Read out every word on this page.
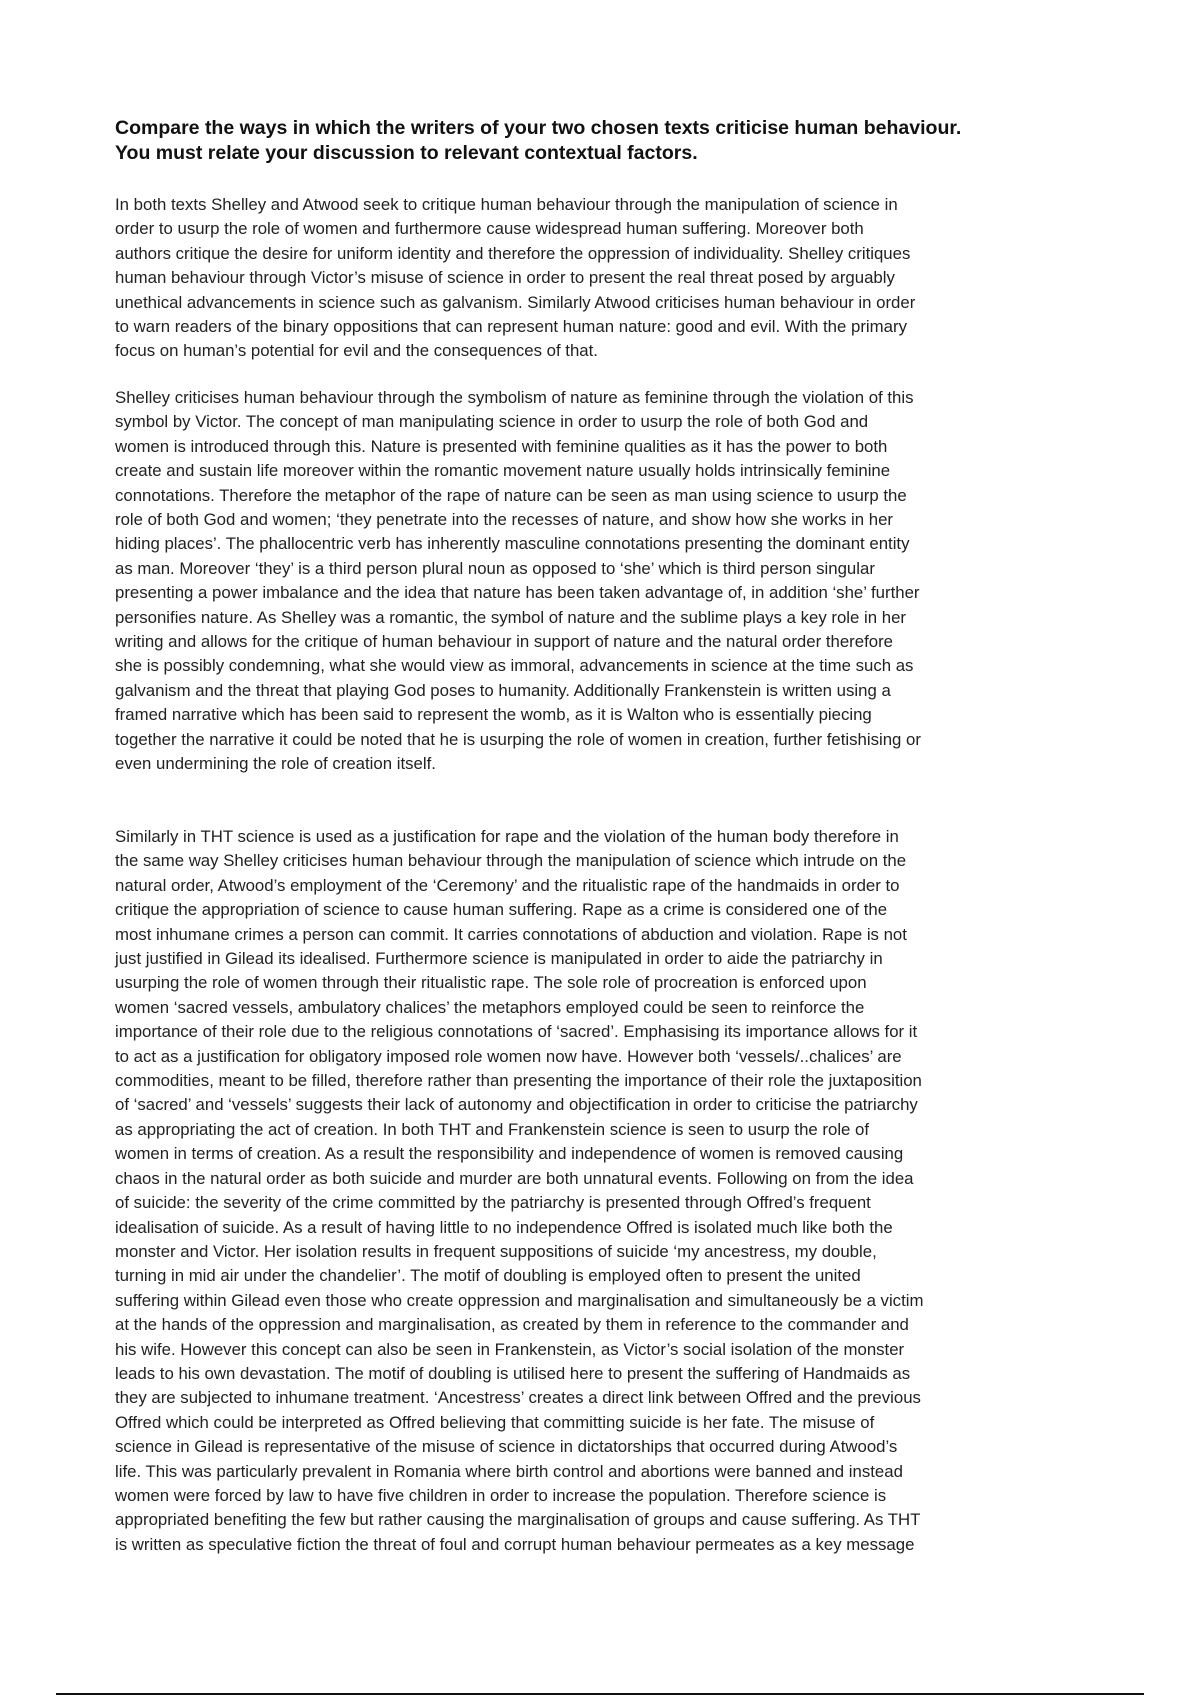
Compare the ways in which the writers of your two chosen texts criticise human behaviour.
You must relate your discussion to relevant contextual factors.
In both texts Shelley and Atwood seek to critique human behaviour through the manipulation of science in
order to usurp the role of women and furthermore cause widespread human suffering. Moreover both
authors critique the desire for uniform identity and therefore the oppression of individuality. Shelley critiques
human behaviour through Victor’s misuse of science in order to present the real threat posed by arguably
unethical advancements in science such as galvanism. Similarly Atwood criticises human behaviour in order
to warn readers of the binary oppositions that can represent human nature: good and evil. With the primary
focus on human’s potential for evil and the consequences of that.
Shelley criticises human behaviour through the symbolism of nature as feminine through the violation of this
symbol by Victor. The concept of man manipulating science in order to usurp the role of both God and
women is introduced through this. Nature is presented with feminine qualities as it has the power to both
create and sustain life moreover within the romantic movement nature usually holds intrinsically feminine
connotations. Therefore the metaphor of the rape of nature can be seen as man using science to usurp the
role of both God and women; ‘they penetrate into the recesses of nature, and show how she works in her
hiding places’. The phallocentric verb has inherently masculine connotations presenting the dominant entity
as man. Moreover ‘they’ is a third person plural noun as opposed to ‘she’ which is third person singular
presenting a power imbalance and the idea that nature has been taken advantage of, in addition ‘she’ further
personifies nature. As Shelley was a romantic, the symbol of nature and the sublime plays a key role in her
writing and allows for the critique of human behaviour in support of nature and the natural order therefore
she is possibly condemning, what she would view as immoral, advancements in science at the time such as
galvanism and the threat that playing God poses to humanity. Additionally Frankenstein is written using a
framed narrative which has been said to represent the womb, as it is Walton who is essentially piecing
together the narrative it could be noted that he is usurping the role of women in creation, further fetishising or
even undermining the role of creation itself.
Similarly in THT science is used as a justification for rape and the violation of the human body therefore in
the same way Shelley criticises human behaviour through the manipulation of science which intrude on the
natural order, Atwood’s employment of the ‘Ceremony’ and the ritualistic rape of the handmaids in order to
critique the appropriation of science to cause human suffering. Rape as a crime is considered one of the
most inhumane crimes a person can commit. It carries connotations of abduction and violation. Rape is not
just justified in Gilead its idealised. Furthermore science is manipulated in order to aide the patriarchy in
usurping the role of women through their ritualistic rape. The sole role of procreation is enforced upon
women ‘sacred vessels, ambulatory chalices’ the metaphors employed could be seen to reinforce the
importance of their role due to the religious connotations of ‘sacred’. Emphasising its importance allows for it
to act as a justification for obligatory imposed role women now have. However both ‘vessels/..chalices’ are
commodities, meant to be filled, therefore rather than presenting the importance of their role the juxtaposition
of ‘sacred’ and ‘vessels’ suggests their lack of autonomy and objectification in order to criticise the patriarchy
as appropriating the act of creation. In both THT and Frankenstein science is seen to usurp the role of
women in terms of creation. As a result the responsibility and independence of women is removed causing
chaos in the natural order as both suicide and murder are both unnatural events. Following on from the idea
of suicide: the severity of the crime committed by the patriarchy is presented through Offred’s frequent
idealisation of suicide. As a result of having little to no independence Offred is isolated much like both the
monster and Victor. Her isolation results in frequent suppositions of suicide ‘my ancestress, my double,
turning in mid air under the chandelier’. The motif of doubling is employed often to present the united
suffering within Gilead even those who create oppression and marginalisation and simultaneously be a victim
at the hands of the oppression and marginalisation, as created by them in reference to the commander and
his wife. However this concept can also be seen in Frankenstein, as Victor’s social isolation of the monster
leads to his own devastation. The motif of doubling is utilised here to present the suffering of Handmaids as
they are subjected to inhumane treatment. ‘Ancestress’ creates a direct link between Offred and the previous
Offred which could be interpreted as Offred believing that committing suicide is her fate. The misuse of
science in Gilead is representative of the misuse of science in dictatorships that occurred during Atwood’s
life. This was particularly prevalent in Romania where birth control and abortions were banned and instead
women were forced by law to have five children in order to increase the population. Therefore science is
appropriated benefiting the few but rather causing the marginalisation of groups and cause suffering. As THT
is written as speculative fiction the threat of foul and corrupt human behaviour permeates as a key message
